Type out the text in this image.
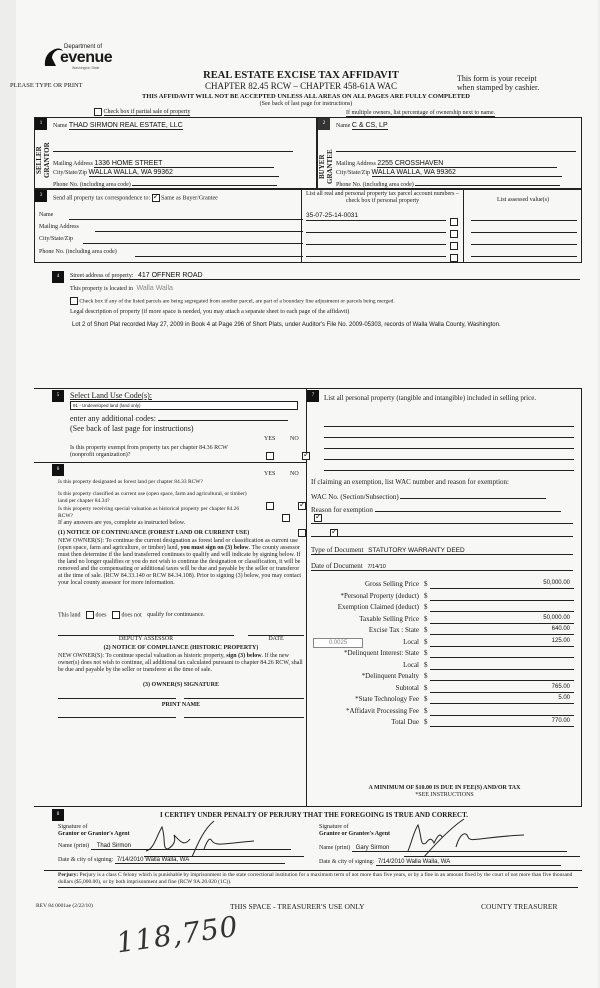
Department of
evenue
Washington State
PLEASE TYPE OR PRINT
REAL ESTATE EXCISE TAX AFFIDAVIT
CHAPTER 82.45 RCW – CHAPTER 458-61A WAC
This form is your receipt
when stamped by cashier.
THIS AFFIDAVIT WILL NOT BE ACCEPTED UNLESS ALL AREAS ON ALL PAGES ARE FULLY COMPLETED
(See back of last page for instructions)
Check box if partial sale of property	If multiple owners, list percentage of ownership next to name.
1
SELLER GRANTOR
Name THAD SIRMON REAL ESTATE, LLC
Mailing Address 1336 HOME STREET
City/State/Zip WALLA WALLA, WA 99362
Phone No. (including area code)
2
BUYER GRANTEE
Name C & CS, LP
Mailing Address 2255 CROSSHAVEN
City/State/Zip WALLA WALLA, WA 99362
Phone No. (including area code)
3	Send all property tax correspondence to: ✓ Same as Buyer/Grantee
Name
Mailing Address
City/State/Zip
Phone No. (including area code)
List all real and personal property tax parcel account numbers – check box if personal property
35-07-25-14-0031
List assessed value(s)
4	Street address of property: 417 OFFNER ROAD
This property is located in Walla Walla
Check box if any of the listed parcels are being segregated from another parcel, are part of a boundary line adjustment or parcels being merged.
Legal description of property (if more space is needed, you may attach a separate sheet to each page of the affidavit)
Lot 2 of Short Plat recorded May 27, 2009 in Book 4 at Page 296 of Short Plats, under Auditor's File No. 2009-05303, records of Walla Walla County, Washington.
5	Select Land Use Code(s):
91 - Undeveloped land (land only)
enter any additional codes:
(See back of last page for instructions)
YES NO
Is this property exempt from property tax per chapter 84.36 RCW (nonprofit organization)?
✓
6
YES NO
Is this property designated as forest land per chapter 84.33 RCW?
✓
Is this property classified as current use (open space, farm and agricultural, or timber) land per chapter 84.34?
✓
Is this property receiving special valuation as historical property per chapter 84.26 RCW?
✓
If any answers are yes, complete as instructed below.
(1) NOTICE OF CONTINUANCE (FOREST LAND OR CURRENT USE)
NEW OWNER(S): To continue the current designation as forest land or classification as current use (open space, farm and agriculture, or timber) land, you must sign on (3) below. The county assessor must then determine if the land transferred continues to qualify and will indicate by signing below. If the land no longer qualifies or you do not wish to continue the designation or classification, it will be removed and the compensating or additional taxes will be due and payable by the seller or transferor at the time of sale. (RCW 84.33.140 or RCW 84.34.108). Prior to signing (3) below, you may contact your local county assessor for more information.
This land	does	does not qualify for continuance.
DEPUTY ASSESSOR	DATE
(2) NOTICE OF COMPLIANCE (HISTORIC PROPERTY)
NEW OWNER(S): To continue special valuation as historic property, sign (3) below. If the new owner(s) does not wish to continue, all additional tax calculated pursuant to chapter 84.26 RCW, shall be due and payable by the seller or transferor at the time of sale.
(3) OWNER(S) SIGNATURE
PRINT NAME
7	List all personal property (tangible and intangible) included in selling price.
If claiming an exemption, list WAC number and reason for exemption:
WAC No. (Section/Subsection)
Reason for exemption
Type of Document STATUTORY WARRANTY DEED
Date of Document 7/14/10
Gross Selling Price $	50,000.00
*Personal Property (deduct) $
Exemption Claimed (deduct) $
Taxable Selling Price $	50,000.00
Excise Tax : State $	640.00
Local $	125.00
*Delinquent Interest: State $
Local $
*Delinquent Penalty $
Subtotal $	765.00
*State Technology Fee $	5.00
*Affidavit Processing Fee $
Total Due $	770.00
0.0025
A MINIMUM OF $10.00 IS DUE IN FEE(S) AND/OR TAX
*SEE INSTRUCTIONS
8	I CERTIFY UNDER PENALTY OF PERJURY THAT THE FOREGOING IS TRUE AND CORRECT.
Signature of
Grantor or Grantor's Agent
Name (print) Thad Sirmon
Date & city of signing: 7/14/2010 Walla Walla, WA
Signature of
Grantee or Grantee's Agent
Name (print) Gary Sirmon
Date & city of signing: 7/14/2010 Walla Walla, WA
Perjury: Perjury is a class C felony which is punishable by imprisonment in the state correctional institution for a maximum term of not more than five years, or by a fine in an amount fixed by the court of not more than five thousand dollars ($5,000.00), or by both imprisonment and fine (RCW 9A.20.020 (1C)).
REV 84 0001ae (2/22/10)	THIS SPACE - TREASURER'S USE ONLY	COUNTY TREASURER
118,750
